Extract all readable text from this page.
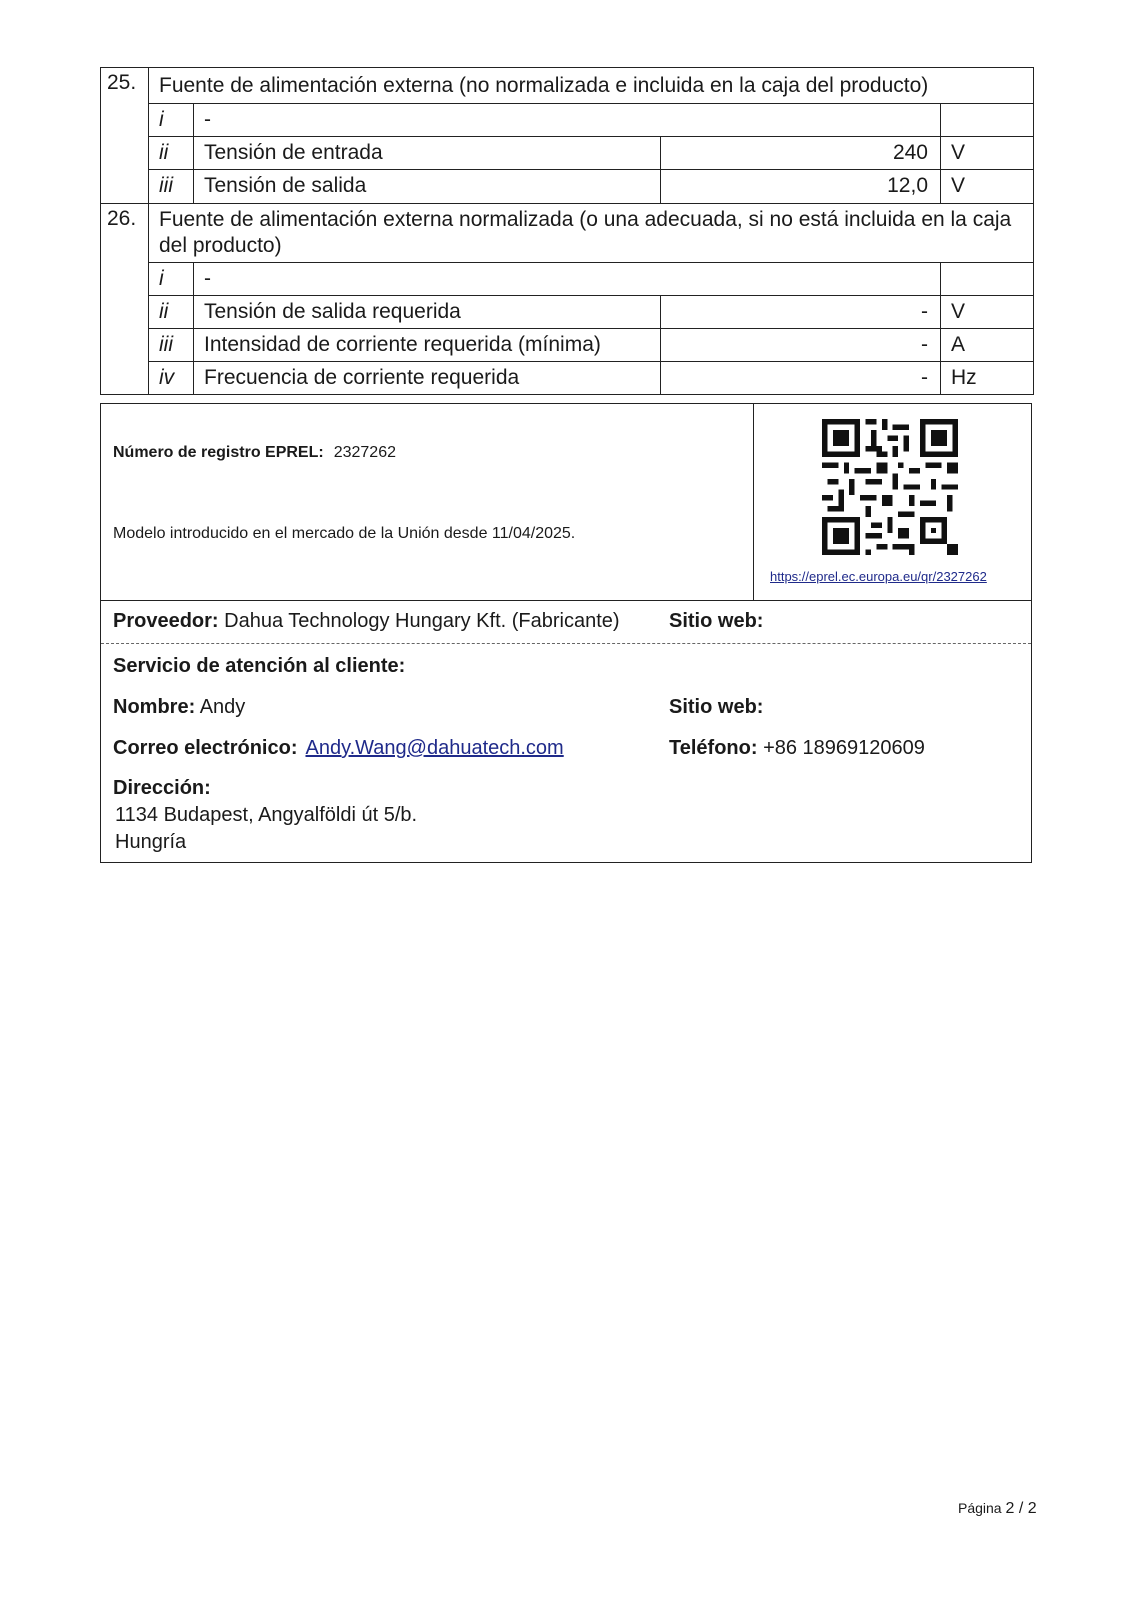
25.	Fuente de alimentación externa (no normalizada e incluida en la caja del producto)			
	i	-		
	ii	Tensión de entrada	240	V
	iii	Tensión de salida	12,0	V
26.	Fuente de alimentación externa normalizada (o una adecuada, si no está incluida en la caja del producto)			
	i	-		
	ii	Tensión de salida requerida	-	V
	iii	Intensidad de corriente requerida (mínima)	-	A
	iv	Frecuencia de corriente requerida	-	Hz
Número de registro EPREL: 2327262
Modelo introducido en el mercado de la Unión desde 11/04/2025.
https://eprel.ec.europa.eu/qr/2327262
Proveedor: Dahua Technology Hungary Kft. (Fabricante) Sitio web:
Servicio de atención al cliente:
Nombre: Andy	Sitio web:
Correo electrónico: Andy.Wang@dahuatech.com	Teléfono: +86 18969120609
Dirección:
1134 Budapest, Angyalföldi út 5/b.
Hungría
Página 2 / 2
